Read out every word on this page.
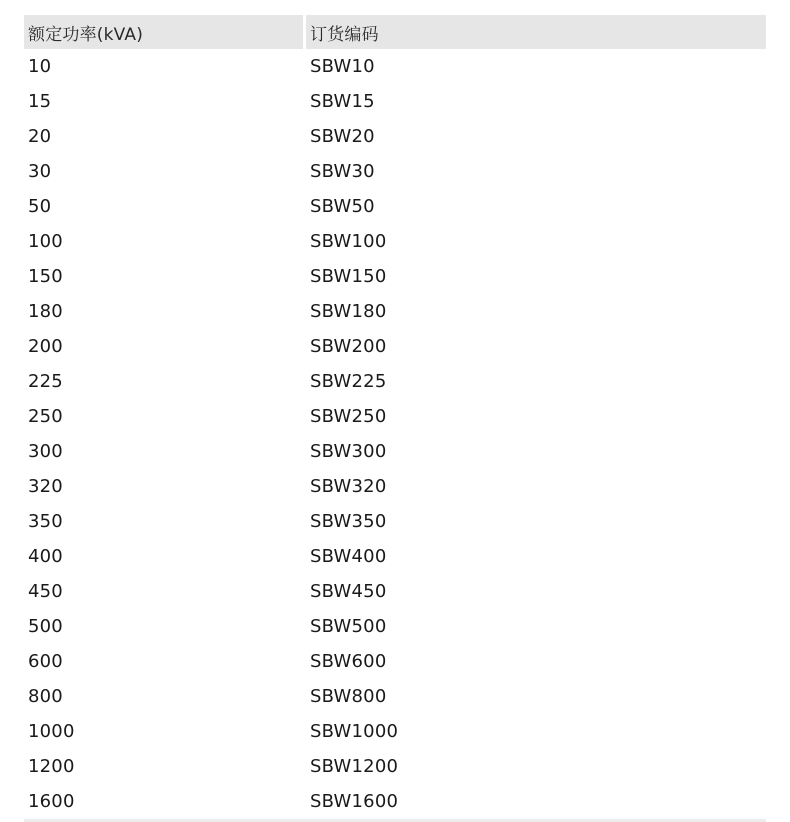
额定功率(kVA)	订货编码
10	SBW10
15	SBW15
20	SBW20
30	SBW30
50	SBW50
100	SBW100
150	SBW150
180	SBW180
200	SBW200
225	SBW225
250	SBW250
300	SBW300
320	SBW320
350	SBW350
400	SBW400
450	SBW450
500	SBW500
600	SBW600
800	SBW800
1000	SBW1000
1200	SBW1200
1600	SBW1600
